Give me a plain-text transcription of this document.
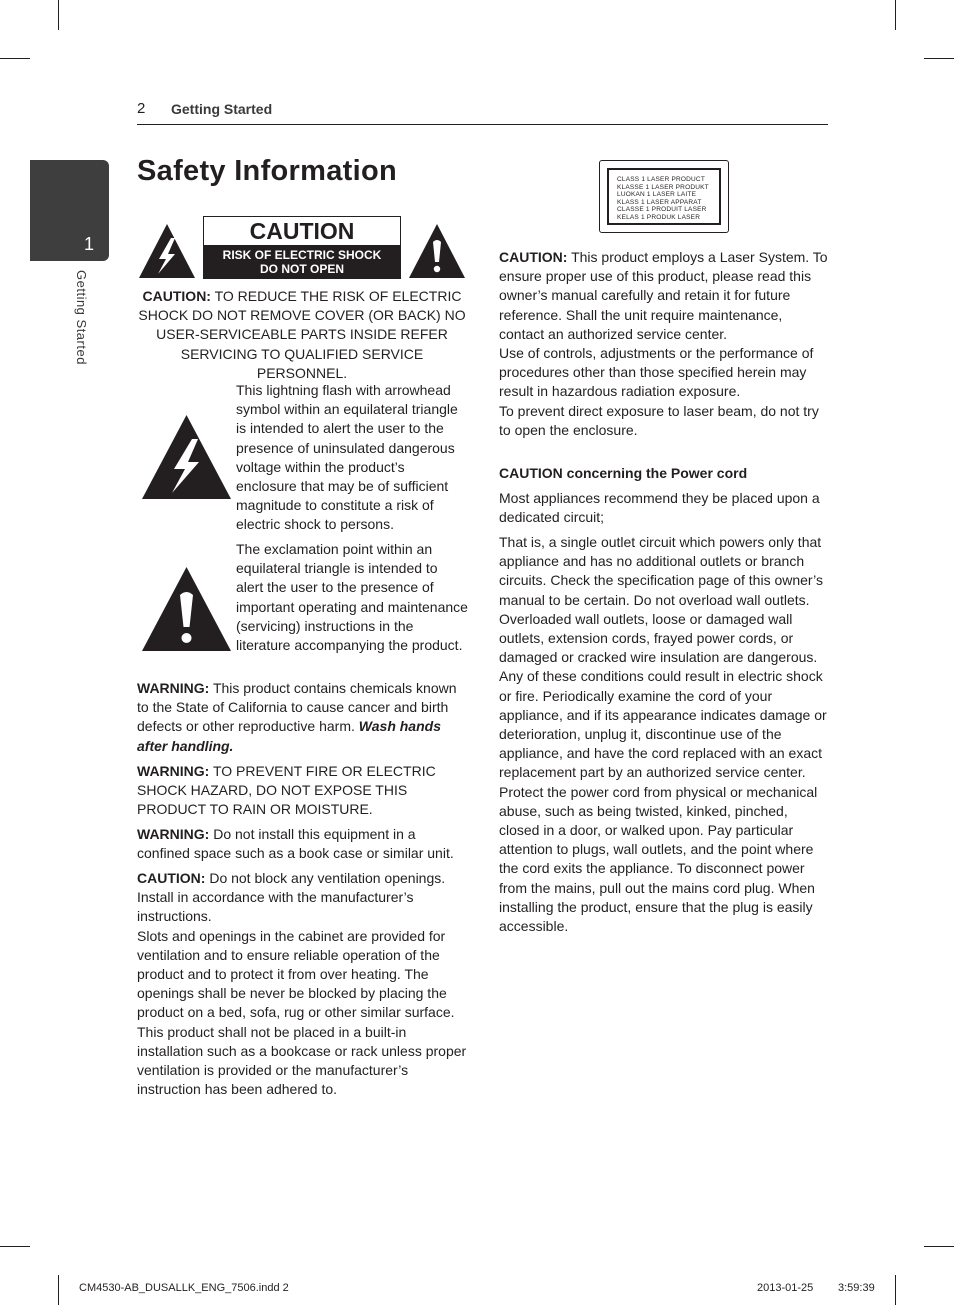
2 Getting Started
1
Getting Started
Safety Information
CAUTION
RISK OF ELECTRIC SHOCK
DO NOT OPEN
CAUTION: TO REDUCE THE RISK OF ELECTRIC SHOCK DO NOT REMOVE COVER (OR BACK) NO USER-SERVICEABLE PARTS INSIDE REFER SERVICING TO QUALIFIED SERVICE PERSONNEL.
This lightning flash with arrowhead symbol within an equilateral triangle is intended to alert the user to the presence of uninsulated dangerous voltage within the product’s enclosure that may be of sufficient magnitude to constitute a risk of electric shock to persons.
The exclamation point within an equilateral triangle is intended to alert the user to the presence of important operating and maintenance (servicing) instructions in the literature accompanying the product.
WARNING: This product contains chemicals known to the State of California to cause cancer and birth defects or other reproductive harm. Wash hands after handling.
WARNING: TO PREVENT FIRE OR ELECTRIC SHOCK HAZARD, DO NOT EXPOSE THIS PRODUCT TO RAIN OR MOISTURE.
WARNING: Do not install this equipment in a confined space such as a book case or similar unit.
CAUTION: Do not block any ventilation openings. Install in accordance with the manufacturer’s instructions.
Slots and openings in the cabinet are provided for ventilation and to ensure reliable operation of the product and to protect it from over heating. The openings shall be never be blocked by placing the product on a bed, sofa, rug or other similar surface. This product shall not be placed in a built-in installation such as a bookcase or rack unless proper ventilation is provided or the manufacturer’s instruction has been adhered to.
CLASS 1 LASER PRODUCT
KLASSE 1 LASER PRODUKT
LUOKAN 1 LASER LAITE
KLASS 1 LASER APPARAT
CLASSE 1 PRODUIT LASER
KELAS 1 PRODUK LASER
CAUTION: This product employs a Laser System. To ensure proper use of this product, please read this owner’s manual carefully and retain it for future reference. Shall the unit require maintenance, contact an authorized service center.
Use of controls, adjustments or the performance of procedures other than those specified herein may result in hazardous radiation exposure.
To prevent direct exposure to laser beam, do not try to open the enclosure.
CAUTION concerning the Power cord
Most appliances recommend they be placed upon a dedicated circuit;
That is, a single outlet circuit which powers only that appliance and has no additional outlets or branch circuits. Check the specification page of this owner’s manual to be certain. Do not overload wall outlets. Overloaded wall outlets, loose or damaged wall outlets, extension cords, frayed power cords, or damaged or cracked wire insulation are dangerous. Any of these conditions could result in electric shock or fire. Periodically examine the cord of your appliance, and if its appearance indicates damage or deterioration, unplug it, discontinue use of the appliance, and have the cord replaced with an exact replacement part by an authorized service center. Protect the power cord from physical or mechanical abuse, such as being twisted, kinked, pinched, closed in a door, or walked upon. Pay particular attention to plugs, wall outlets, and the point where the cord exits the appliance. To disconnect power from the mains, pull out the mains cord plug. When installing the product, ensure that the plug is easily accessible.
CM4530-AB_DUSALLK_ENG_7506.indd 2	2013-01-25 3:59:39
